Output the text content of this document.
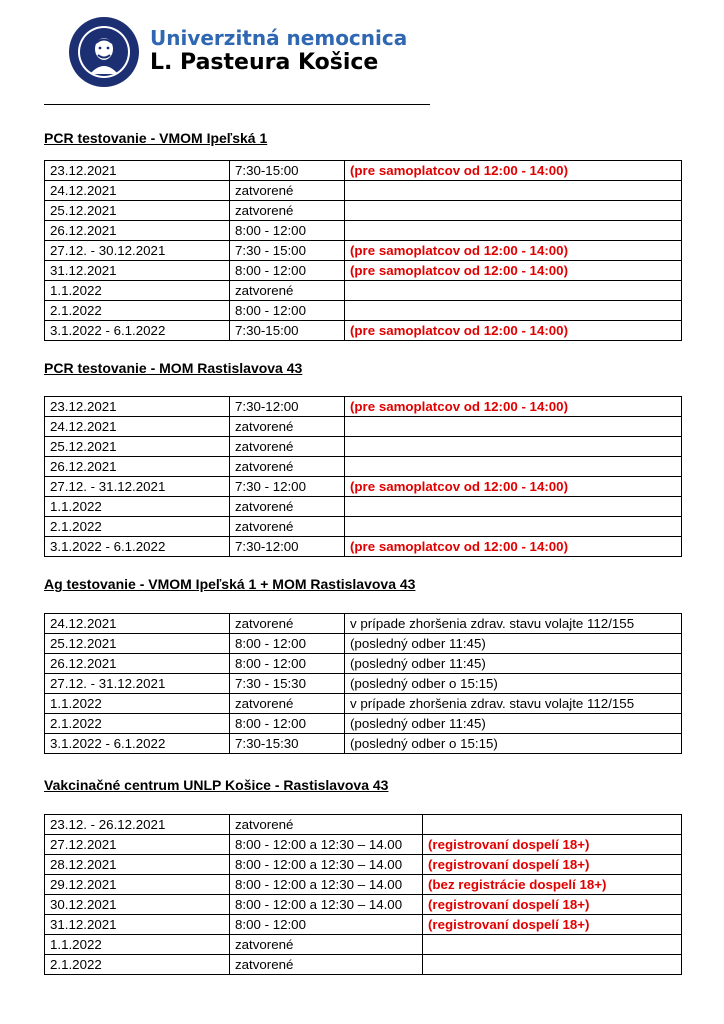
Univerzitná nemocnica
L. Pasteura Košice
PCR testovanie - VMOM Ipeľská 1
23.12.2021	7:30-15:00	(pre samoplatcov od 12:00 - 14:00)
24.12.2021	zatvorené	
25.12.2021	zatvorené	
26.12.2021	8:00 - 12:00	
27.12. - 30.12.2021	7:30 - 15:00	(pre samoplatcov od 12:00 - 14:00)
31.12.2021	8:00 - 12:00	(pre samoplatcov od 12:00 - 14:00)
1.1.2022	zatvorené	
2.1.2022	8:00 - 12:00	
3.1.2022 - 6.1.2022	7:30-15:00	(pre samoplatcov od 12:00 - 14:00)
PCR testovanie - MOM Rastislavova 43
23.12.2021	7:30-12:00	(pre samoplatcov od 12:00 - 14:00)
24.12.2021	zatvorené	
25.12.2021	zatvorené	
26.12.2021	zatvorené	
27.12. - 31.12.2021	7:30 - 12:00	(pre samoplatcov od 12:00 - 14:00)
1.1.2022	zatvorené	
2.1.2022	zatvorené	
3.1.2022 - 6.1.2022	7:30-12:00	(pre samoplatcov od 12:00 - 14:00)
Ag testovanie - VMOM Ipeľská 1 + MOM Rastislavova 43
24.12.2021	zatvorené	v prípade zhoršenia zdrav. stavu volajte 112/155
25.12.2021	8:00 - 12:00	(posledný odber 11:45)
26.12.2021	8:00 - 12:00	(posledný odber 11:45)
27.12. - 31.12.2021	7:30 - 15:30	(posledný odber o 15:15)
1.1.2022	zatvorené	v prípade zhoršenia zdrav. stavu volajte 112/155
2.1.2022	8:00 - 12:00	(posledný odber 11:45)
3.1.2022 - 6.1.2022	7:30-15:30	(posledný odber o 15:15)
Vakcinačné centrum UNLP Košice - Rastislavova 43
23.12. - 26.12.2021	zatvorené	
27.12.2021	8:00 - 12:00 a 12:30 – 14.00	(registrovaní dospelí 18+)
28.12.2021	8:00 - 12:00 a 12:30 – 14.00	(registrovaní dospelí 18+)
29.12.2021	8:00 - 12:00 a 12:30 – 14.00	(bez registrácie dospelí 18+)
30.12.2021	8:00 - 12:00 a 12:30 – 14.00	(registrovaní dospelí 18+)
31.12.2021	8:00 - 12:00	(registrovaní dospelí 18+)
1.1.2022	zatvorené	
2.1.2022	zatvorené	
